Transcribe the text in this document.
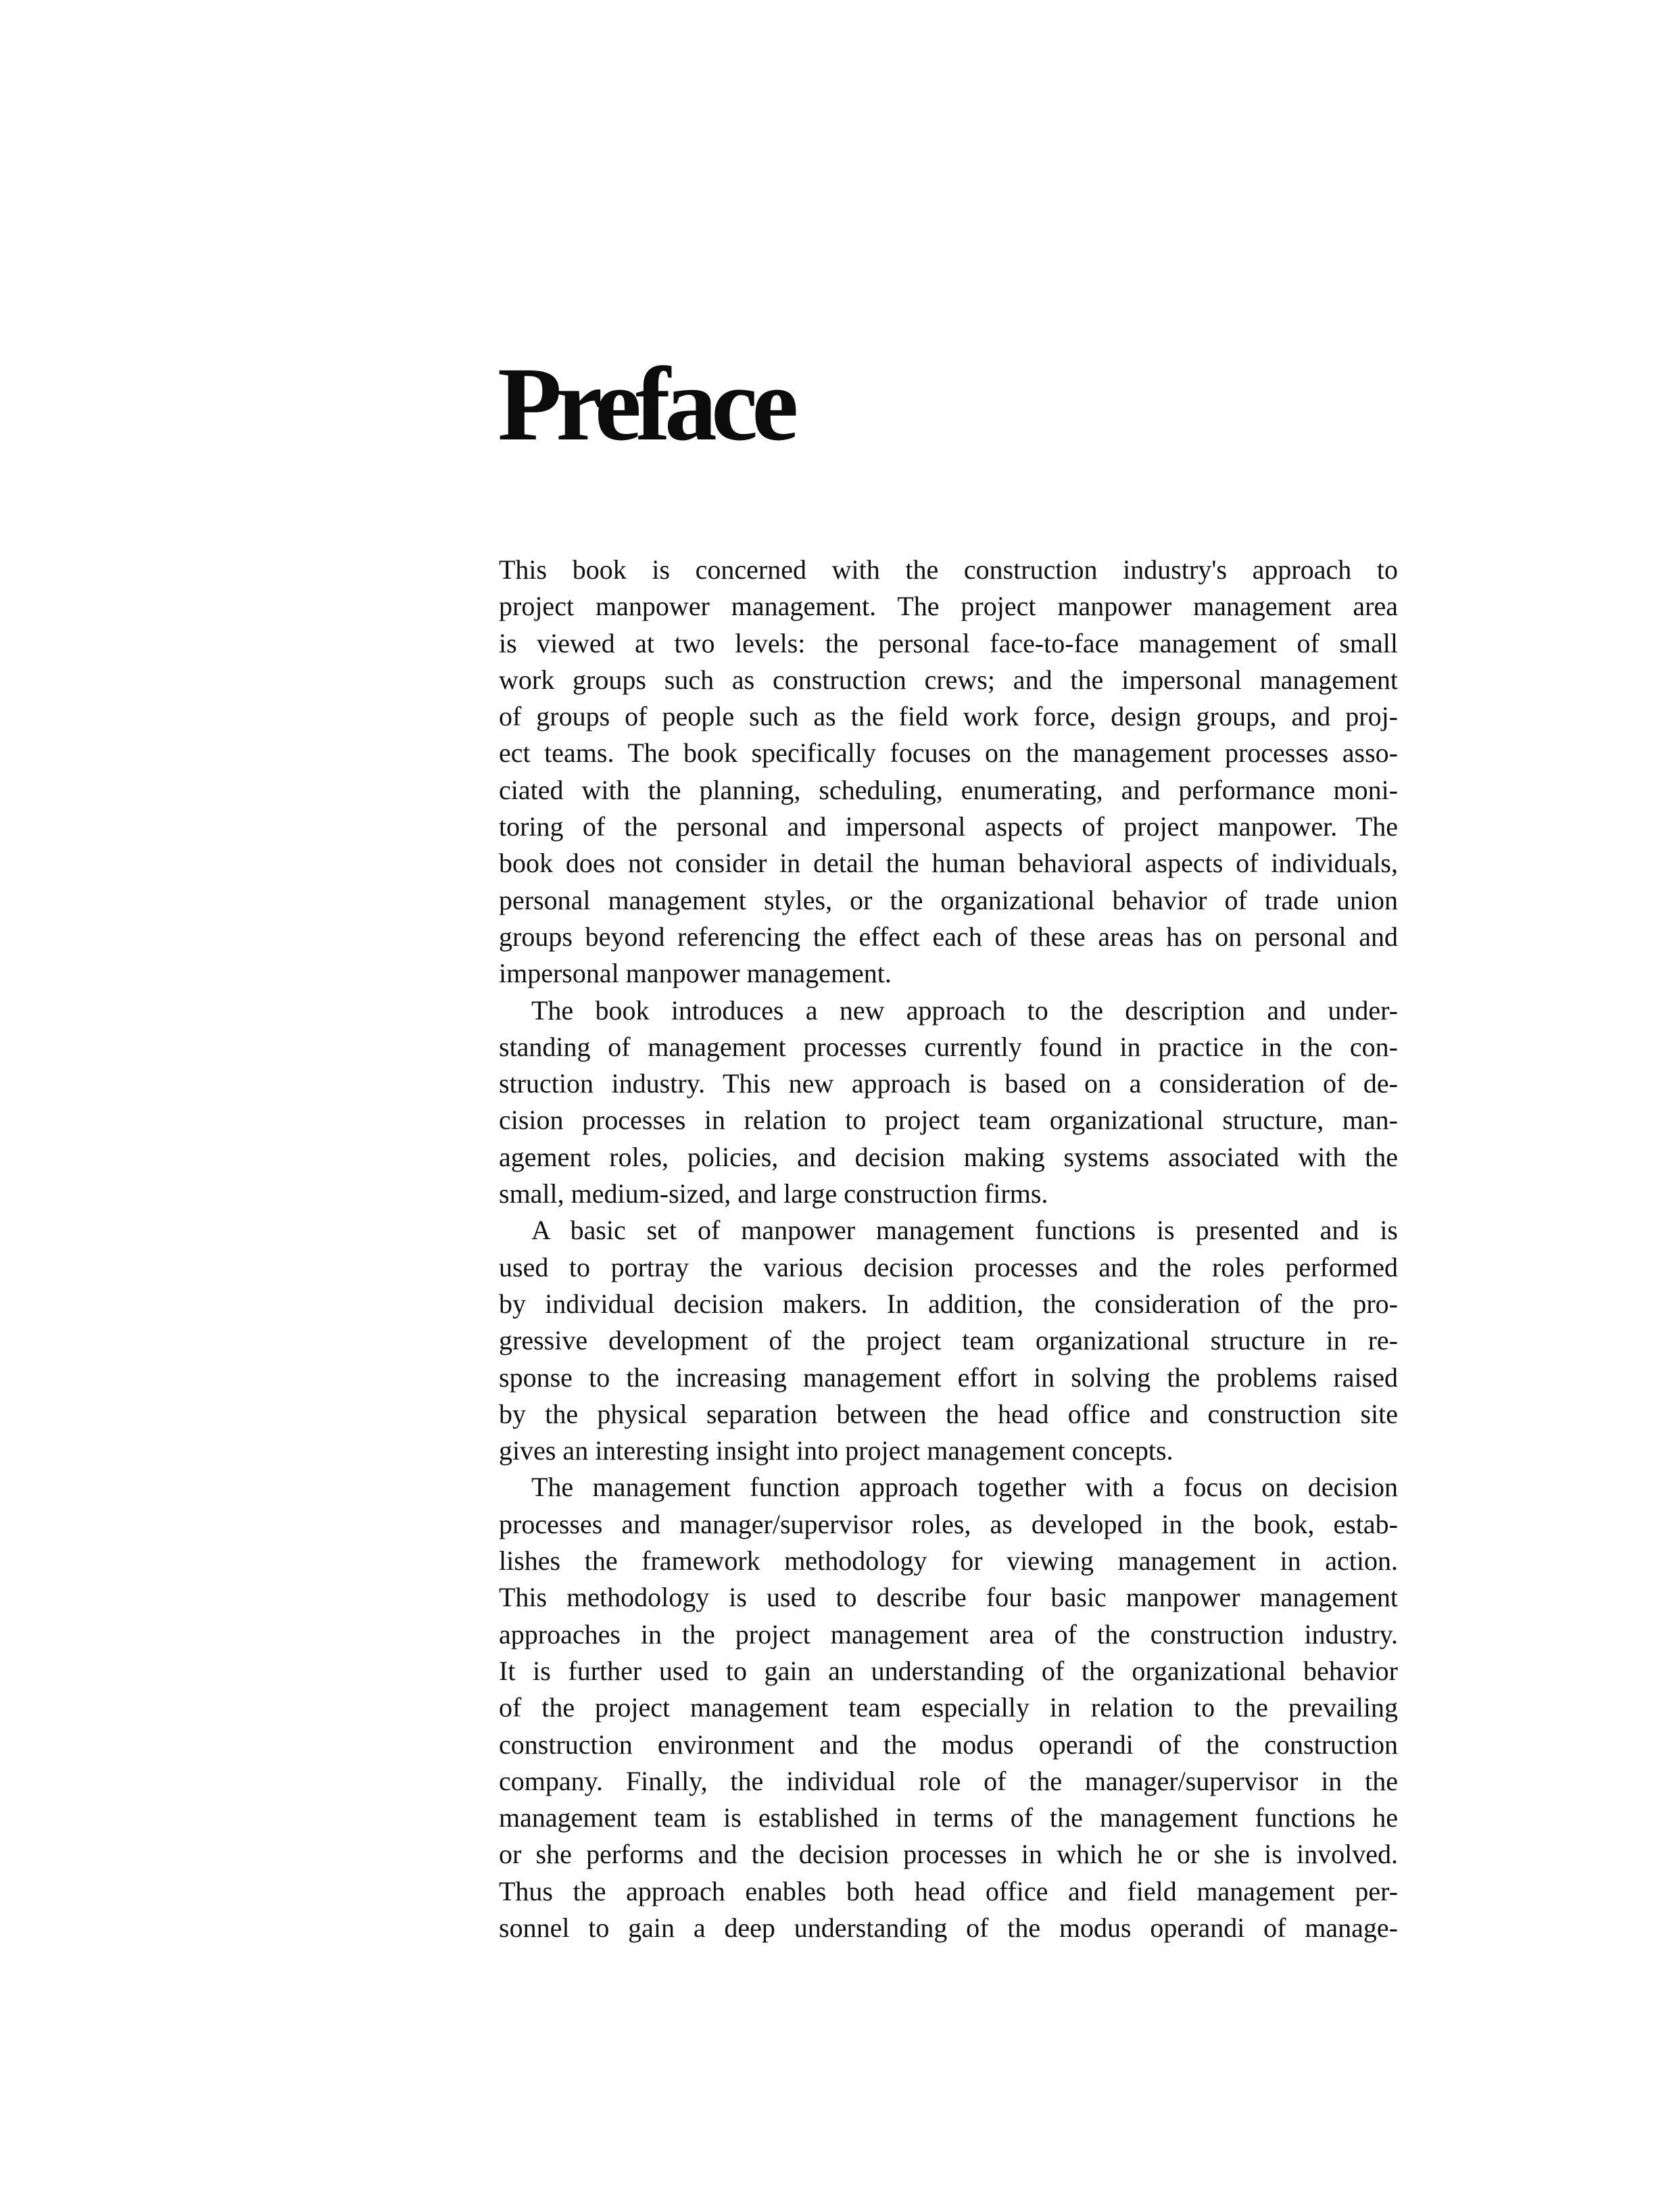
Preface
This book is concerned with the construction industry's approach to
project manpower management. The project manpower management area
is viewed at two levels: the personal face-to-face management of small
work groups such as construction crews; and the impersonal management
of groups of people such as the field work force, design groups, and proj-
ect teams. The book specifically focuses on the management processes asso-
ciated with the planning, scheduling, enumerating, and performance moni-
toring of the personal and impersonal aspects of project manpower. The
book does not consider in detail the human behavioral aspects of individuals,
personal management styles, or the organizational behavior of trade union
groups beyond referencing the effect each of these areas has on personal and
impersonal manpower management.
The book introduces a new approach to the description and under-
standing of management processes currently found in practice in the con-
struction industry. This new approach is based on a consideration of de-
cision processes in relation to project team organizational structure, man-
agement roles, policies, and decision making systems associated with the
small, medium-sized, and large construction firms.
A basic set of manpower management functions is presented and is
used to portray the various decision processes and the roles performed
by individual decision makers. In addition, the consideration of the pro-
gressive development of the project team organizational structure in re-
sponse to the increasing management effort in solving the problems raised
by the physical separation between the head office and construction site
gives an interesting insight into project management concepts.
The management function approach together with a focus on decision
processes and manager/supervisor roles, as developed in the book, estab-
lishes the framework methodology for viewing management in action.
This methodology is used to describe four basic manpower management
approaches in the project management area of the construction industry.
It is further used to gain an understanding of the organizational behavior
of the project management team especially in relation to the prevailing
construction environment and the modus operandi of the construction
company. Finally, the individual role of the manager/supervisor in the
management team is established in terms of the management functions he
or she performs and the decision processes in which he or she is involved.
Thus the approach enables both head office and field management per-
sonnel to gain a deep understanding of the modus operandi of manage-
